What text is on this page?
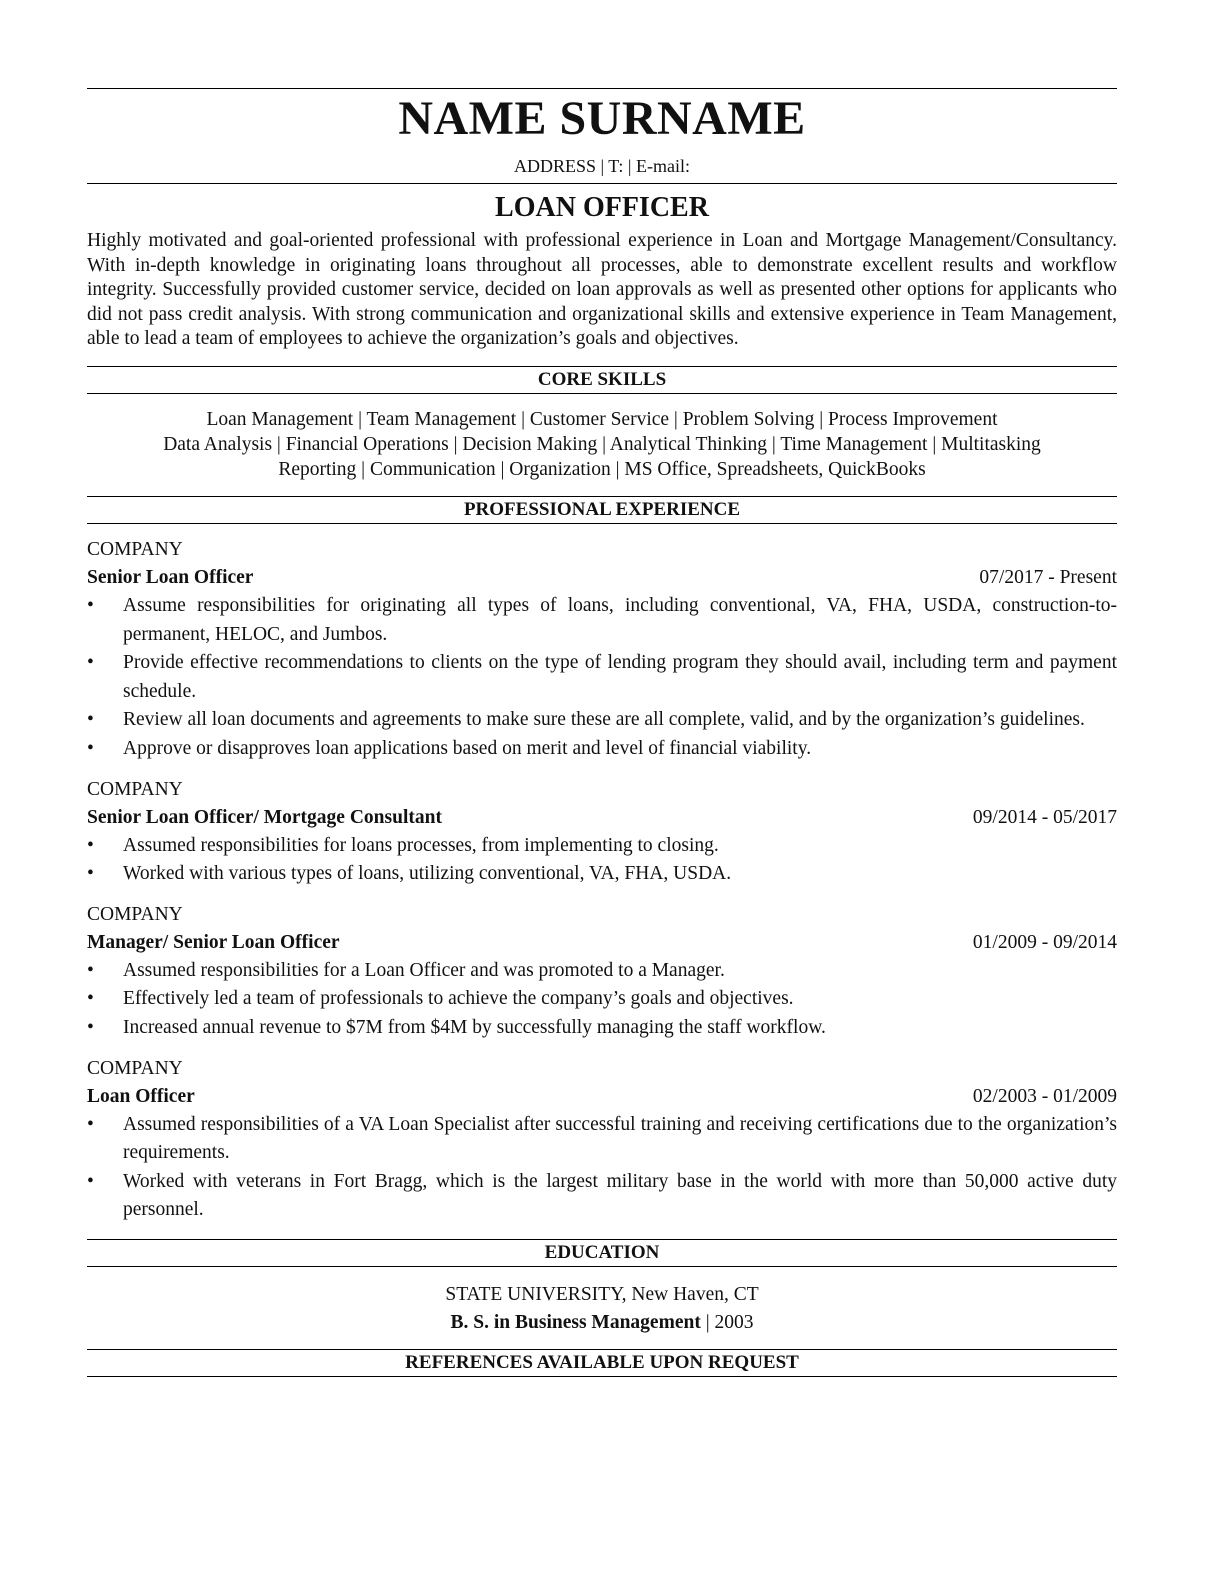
NAME SURNAME
ADDRESS | T: | E-mail:
LOAN OFFICER
Highly motivated and goal-oriented professional with professional experience in Loan and Mortgage Management/Consultancy. With in-depth knowledge in originating loans throughout all processes, able to demonstrate excellent results and workflow integrity. Successfully provided customer service, decided on loan approvals as well as presented other options for applicants who did not pass credit analysis. With strong communication and organizational skills and extensive experience in Team Management, able to lead a team of employees to achieve the organization’s goals and objectives.
CORE SKILLS
Loan Management | Team Management | Customer Service | Problem Solving | Process Improvement
Data Analysis | Financial Operations | Decision Making | Analytical Thinking | Time Management | Multitasking
Reporting | Communication | Organization | MS Office, Spreadsheets, QuickBooks
PROFESSIONAL EXPERIENCE
COMPANY
Senior Loan Officer	07/2017 - Present
• Assume responsibilities for originating all types of loans, including conventional, VA, FHA, USDA, construction-to-permanent, HELOC, and Jumbos.
• Provide effective recommendations to clients on the type of lending program they should avail, including term and payment schedule.
• Review all loan documents and agreements to make sure these are all complete, valid, and by the organization’s guidelines.
• Approve or disapproves loan applications based on merit and level of financial viability.
COMPANY
Senior Loan Officer/ Mortgage Consultant	09/2014 - 05/2017
• Assumed responsibilities for loans processes, from implementing to closing.
• Worked with various types of loans, utilizing conventional, VA, FHA, USDA.
COMPANY
Manager/ Senior Loan Officer	01/2009 - 09/2014
• Assumed responsibilities for a Loan Officer and was promoted to a Manager.
• Effectively led a team of professionals to achieve the company’s goals and objectives.
• Increased annual revenue to $7M from $4M by successfully managing the staff workflow.
COMPANY
Loan Officer	02/2003 - 01/2009
• Assumed responsibilities of a VA Loan Specialist after successful training and receiving certifications due to the organization’s requirements.
• Worked with veterans in Fort Bragg, which is the largest military base in the world with more than 50,000 active duty personnel.
EDUCATION
STATE UNIVERSITY, New Haven, CT
B. S. in Business Management | 2003
REFERENCES AVAILABLE UPON REQUEST
